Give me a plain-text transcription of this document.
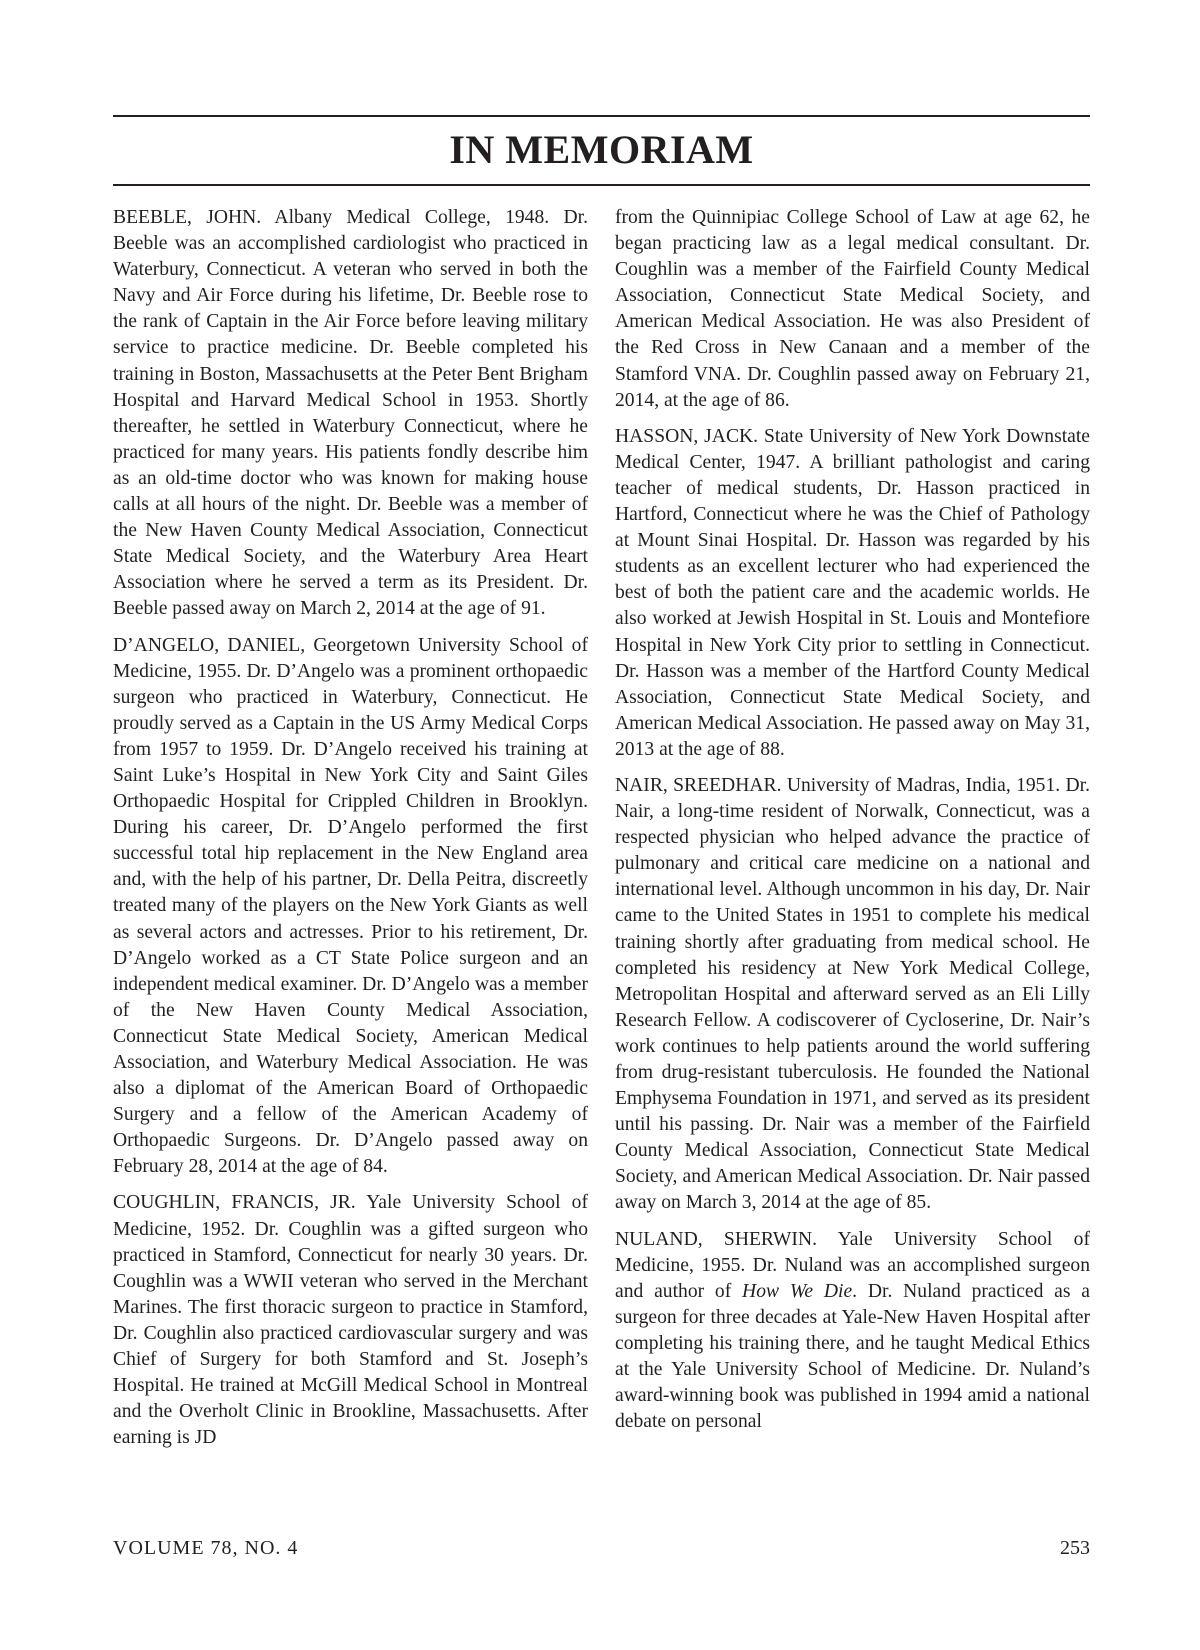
IN MEMORIAM

BEEBLE, JOHN. Albany Medical College, 1948. Dr. Beeble was an accomplished cardiologist who practiced in Waterbury, Connecticut. A veteran who served in both the Navy and Air Force during his lifetime, Dr. Beeble rose to the rank of Captain in the Air Force before leaving military service to practice medicine. Dr. Beeble completed his training in Boston, Massachusetts at the Peter Bent Brigham Hospital and Harvard Medical School in 1953. Shortly thereafter, he settled in Waterbury Connecticut, where he practiced for many years. His patients fondly describe him as an old-time doctor who was known for making house calls at all hours of the night. Dr. Beeble was a member of the New Haven County Medical Association, Connecticut State Medical Society, and the Waterbury Area Heart Association where he served a term as its President. Dr. Beeble passed away on March 2, 2014 at the age of 91.

D’ANGELO, DANIEL, Georgetown University School of Medicine, 1955. Dr. D’Angelo was a prominent orthopaedic surgeon who practiced in Waterbury, Connecticut. He proudly served as a Captain in the US Army Medical Corps from 1957 to 1959. Dr. D’Angelo received his training at Saint Luke’s Hospital in New York City and Saint Giles Orthopaedic Hospital for Crippled Children in Brooklyn. During his career, Dr. D’Angelo performed the first successful total hip replacement in the New England area and, with the help of his partner, Dr. Della Peitra, discreetly treated many of the players on the New York Giants as well as several actors and actresses. Prior to his retirement, Dr. D’Angelo worked as a CT State Police surgeon and an independent medical examiner. Dr. D’Angelo was a member of the New Haven County Medical Association, Connecticut State Medical Society, American Medical Association, and Waterbury Medical Association. He was also a diplomat of the American Board of Orthopaedic Surgery and a fellow of the American Academy of Orthopaedic Surgeons. Dr. D’Angelo passed away on February 28, 2014 at the age of 84.

COUGHLIN, FRANCIS, JR. Yale University School of Medicine, 1952. Dr. Coughlin was a gifted surgeon who practiced in Stamford, Connecticut for nearly 30 years. Dr. Coughlin was a WWII veteran who served in the Merchant Marines. The first thoracic surgeon to practice in Stamford, Dr. Coughlin also practiced cardiovascular surgery and was Chief of Surgery for both Stamford and St. Joseph’s Hospital. He trained at McGill Medical School in Montreal and the Overholt Clinic in Brookline, Massachusetts. After earning is JD

from the Quinnipiac College School of Law at age 62, he began practicing law as a legal medical consultant. Dr. Coughlin was a member of the Fairfield County Medical Association, Connecticut State Medical Society, and American Medical Association. He was also President of the Red Cross in New Canaan and a member of the Stamford VNA. Dr. Coughlin passed away on February 21, 2014, at the age of 86.

HASSON, JACK. State University of New York Downstate Medical Center, 1947. A brilliant pathologist and caring teacher of medical students, Dr. Hasson practiced in Hartford, Connecticut where he was the Chief of Pathology at Mount Sinai Hospital. Dr. Hasson was regarded by his students as an excellent lecturer who had experienced the best of both the patient care and the academic worlds. He also worked at Jewish Hospital in St. Louis and Montefiore Hospital in New York City prior to settling in Connecticut. Dr. Hasson was a member of the Hartford County Medical Association, Connecticut State Medical Society, and American Medical Association. He passed away on May 31, 2013 at the age of 88.

NAIR, SREEDHAR. University of Madras, India, 1951. Dr. Nair, a long-time resident of Norwalk, Connecticut, was a respected physician who helped advance the practice of pulmonary and critical care medicine on a national and international level. Although uncommon in his day, Dr. Nair came to the United States in 1951 to complete his medical training shortly after graduating from medical school. He completed his residency at New York Medical College, Metropolitan Hospital and afterward served as an Eli Lilly Research Fellow. A codiscoverer of Cycloserine, Dr. Nair’s work continues to help patients around the world suffering from drug-resistant tuberculosis. He founded the National Emphysema Foundation in 1971, and served as its president until his passing. Dr. Nair was a member of the Fairfield County Medical Association, Connecticut State Medical Society, and American Medical Association. Dr. Nair passed away on March 3, 2014 at the age of 85.

NULAND, SHERWIN. Yale University School of Medicine, 1955. Dr. Nuland was an accomplished surgeon and author of How We Die. Dr. Nuland practiced as a surgeon for three decades at Yale-New Haven Hospital after completing his training there, and he taught Medical Ethics at the Yale University School of Medicine. Dr. Nuland’s award-winning book was published in 1994 amid a national debate on personal

VOLUME 78, NO. 4	253
